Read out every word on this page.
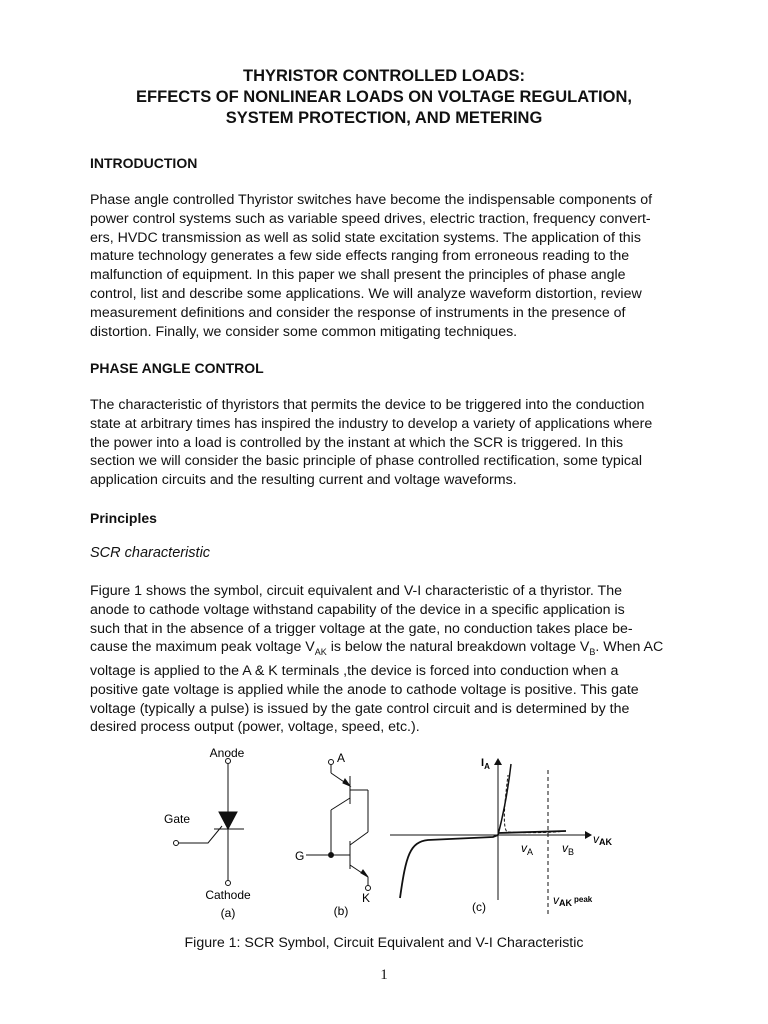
THYRISTOR CONTROLLED LOADS:
EFFECTS OF NONLINEAR LOADS ON VOLTAGE REGULATION,
SYSTEM PROTECTION, AND METERING
INTRODUCTION
Phase angle controlled Thyristor switches have become the indispensable components of
power control systems such as variable speed drives, electric traction, frequency convert-
ers, HVDC transmission as well as solid state excitation systems. The application of this
mature technology generates a few side effects ranging from erroneous reading to the
malfunction of equipment. In this paper we shall present the principles of phase angle
control, list and describe some applications. We will analyze waveform distortion, review
measurement definitions and consider the response of instruments in the presence of
distortion. Finally, we consider some common mitigating techniques.
PHASE ANGLE CONTROL
The characteristic of thyristors that permits the device to be triggered into the conduction
state at arbitrary times has inspired the industry to develop a variety of applications where
the power into a load is controlled by the instant at which the SCR is triggered. In this
section we will consider the basic principle of phase controlled rectification, some typical
application circuits and the resulting current and voltage waveforms.
Principles
SCR characteristic
Figure 1 shows the symbol, circuit equivalent and V-I characteristic of a thyristor. The
anode to cathode voltage withstand capability of the device in a specific application is
such that in the absence of a trigger voltage at the gate, no conduction takes place be-
cause the maximum peak voltage $V_{AK}$ is below the natural breakdown voltage $V_B$. When AC
voltage is applied to the A & K terminals ,the device is forced into conduction when a
positive gate voltage is applied while the anode to cathode voltage is positive. This gate
voltage (typically a pulse) is issued by the gate control circuit and is determined by the
desired process output (power, voltage, speed, etc.).
Anode
Gate
Cathode
(a)
A
G
K
(b)
$I_A$
vAK
$v_A$ $v_B$
vAK $^{peak}$
(c)
Figure 1: SCR Symbol, Circuit Equivalent and V-I Characteristic
1
